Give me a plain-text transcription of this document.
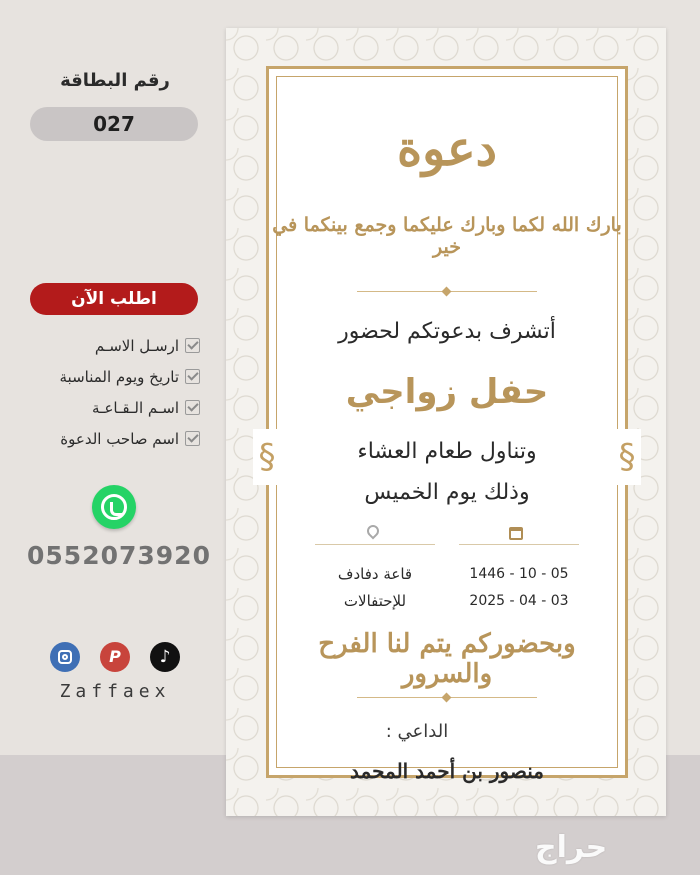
رقم البطاقة
027
اطلب الآن
ارسـل الاسـم
تاريخ ويوم المناسبة
اسـم الـقـاعـة
اسم صاحب الدعوة
0552073920
P	♪
Zaffaex
§	§
دعوة
بارك الله لكما وبارك عليكما وجمع بينكما في خير
أتشرف بدعوتكم لحضور
حفل زواجي
وتناول طعام العشاء
وذلك يوم الخميس
1446 - 10 - 05
2025 - 04 - 03
قاعة دفادف
للإحتفالات
وبحضوركم يتم لنا الفرح والسرور
الداعي :
منصور بن أحمد المحمد
حراج
